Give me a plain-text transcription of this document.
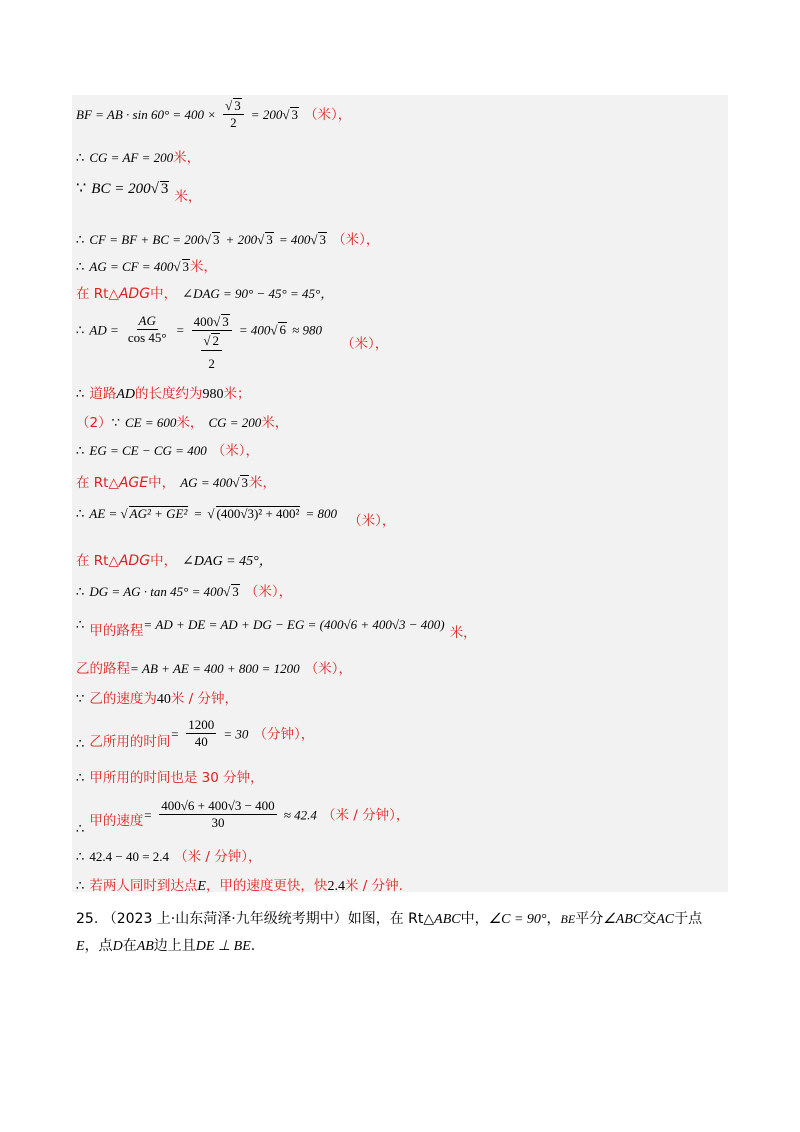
BF = AB · $\sin 60^\circ = 400 \times \frac{√ 3}{2} = 200√$ 3 （米），
∴ CG = AF = 200米，
∵ BC = 200√ 3 $_{米,}$
∴ CF = BF + BC = 200√ 3 + 200√ 3 = 400√ 3 （米），
∴ AG = CF = 400√ 3米，
在 Rt△ADG中， ∠DAG = 90° − 45° = 45°，
∴ AD = $\frac{AG}{\cos 45^\circ} = 400√$ 3
√ 2
2 = 400√ 6 ≈ 980 $_{(米),}$
∴ 道路AD的长度约为980米；
（2）∵ CE = 600米， CG = 200米，
∴ EG = CE − CG = 400 （米），
在 Rt△AGE中， AG = 400√ 3米，
∴ AE = √ AG² + GE² = √ (400√3)² + 400² = 800 $_{(米),}$
在 Rt△ADG中， ∠DAG = 45°，
∴ DG = AG · tan 45° = 400√ 3 （米），
∴ $_{甲的路程}$= AD + DE = AD + DG − EG = (400√6 + 400√3 − 400) $_{米,}$
乙的路程= AB + AE = 400 + 800 = 1200 （米），
∵ 乙的速度为40米 / 分钟，
$_\therefore$ $_{乙所用的时间}= \frac{1200}{40} = 30$ （分钟），
∴ 甲所用的时间也是 30 分钟，
$_\therefore$ $_{甲的速度}= \frac{400√6 + 400√3 - 400}{30} \approx 42.4$ （米 / 分钟），
∴ 42.4 − 40 = 2.4 （米 / 分钟），
∴ 若两人同时到达点E，甲的速度更快，快2.4米 / 分钟.
25. （2023 上·山东菏泽·九年级统考期中）如图，在 Rt△ABC中，∠C = 90°，BE平分∠ABC交AC于点
E，点D在AB边上且DE ⊥ BE.
